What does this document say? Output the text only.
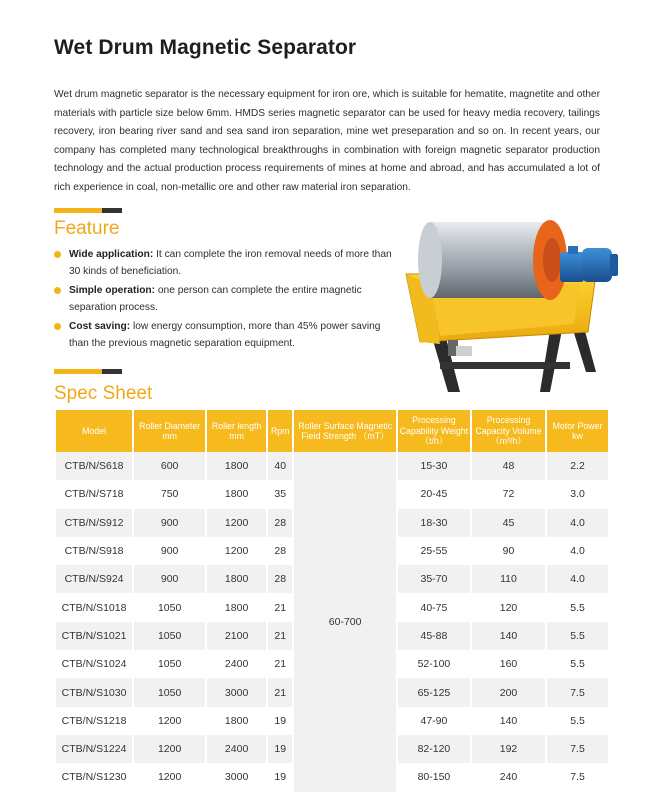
Wet Drum Magnetic Separator

Wet drum magnetic separator is the necessary equipment for iron ore, which is suitable for hematite, magnetite and other materials with particle size below 6mm. HMDS series magnetic separator can be used for heavy media recovery, tailings recovery, iron bearing river sand and sea sand iron separation, mine wet preseparation and so on. In recent years, our company has completed many technological breakthroughs in combination with foreign magnetic separator production technology and the actual production process requirements of mines at home and abroad, and has accumulated a lot of rich experience in coal, non-metallic ore and other raw material iron separation.

Feature
Wide application: It can complete the iron removal needs of more than 30 kinds of beneficiation.
Simple operation: one person can complete the entire magnetic separation process.
Cost saving: low energy consumption, more than 45% power saving than the previous magnetic separation equipment.
Spec Sheet
Model	Roller Diameter mm	Roller length mm	Rpm	Roller Surface Magnetic Field Strength （mT）	Processing Capability Weight （t/h）	Processing Capacity Volume （m³/h）	Motor Power kw
CTB/N/S618	600	1800	40	60-700	15-30	48	2.2
CTB/N/S718	750	1800	35		20-45	72	3.0
CTB/N/S912	900	1200	28		18-30	45	4.0
CTB/N/S918	900	1200	28		25-55	90	4.0
CTB/N/S924	900	1800	28		35-70	110	4.0
CTB/N/S1018	1050	1800	21		40-75	120	5.5
CTB/N/S1021	1050	2100	21		45-88	140	5.5
CTB/N/S1024	1050	2400	21		52-100	160	5.5
CTB/N/S1030	1050	3000	21		65-125	200	7.5
CTB/N/S1218	1200	1800	19		47-90	140	5.5
CTB/N/S1224	1200	2400	19		82-120	192	7.5
CTB/N/S1230	1200	3000	19		80-150	240	7.5
